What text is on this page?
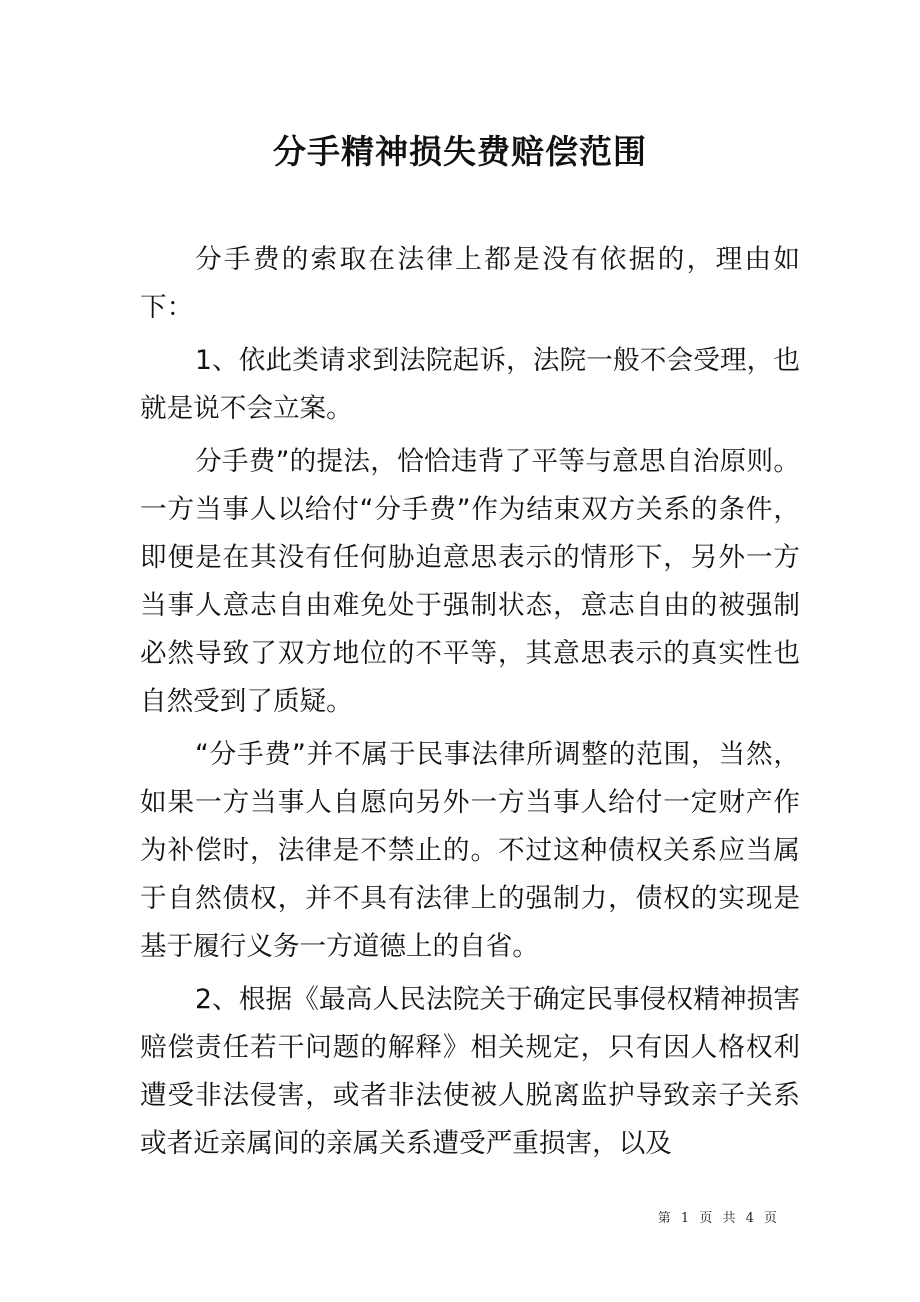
分手精神损失费赔偿范围

分手费的索取在法律上都是没有依据的，理由如下：

1、依此类请求到法院起诉，法院一般不会受理，也就是说不会立案。

分手费”的提法，恰恰违背了平等与意思自治原则。一方当事人以给付“分手费”作为结束双方关系的条件，即便是在其没有任何胁迫意思表示的情形下，另外一方当事人意志自由难免处于强制状态，意志自由的被强制必然导致了双方地位的不平等，其意思表示的真实性也自然受到了质疑。

“分手费”并不属于民事法律所调整的范围，当然，如果一方当事人自愿向另外一方当事人给付一定财产作为补偿时，法律是不禁止的。不过这种债权关系应当属于自然债权，并不具有法律上的强制力，债权的实现是基于履行义务一方道德上的自省。

2、根据《最高人民法院关于确定民事侵权精神损害赔偿责任若干问题的解释》相关规定，只有因人格权利遭受非法侵害，或者非法使被人脱离监护导致亲子关系或者近亲属间的亲属关系遭受严重损害，以及

第 1 页 共 4 页
